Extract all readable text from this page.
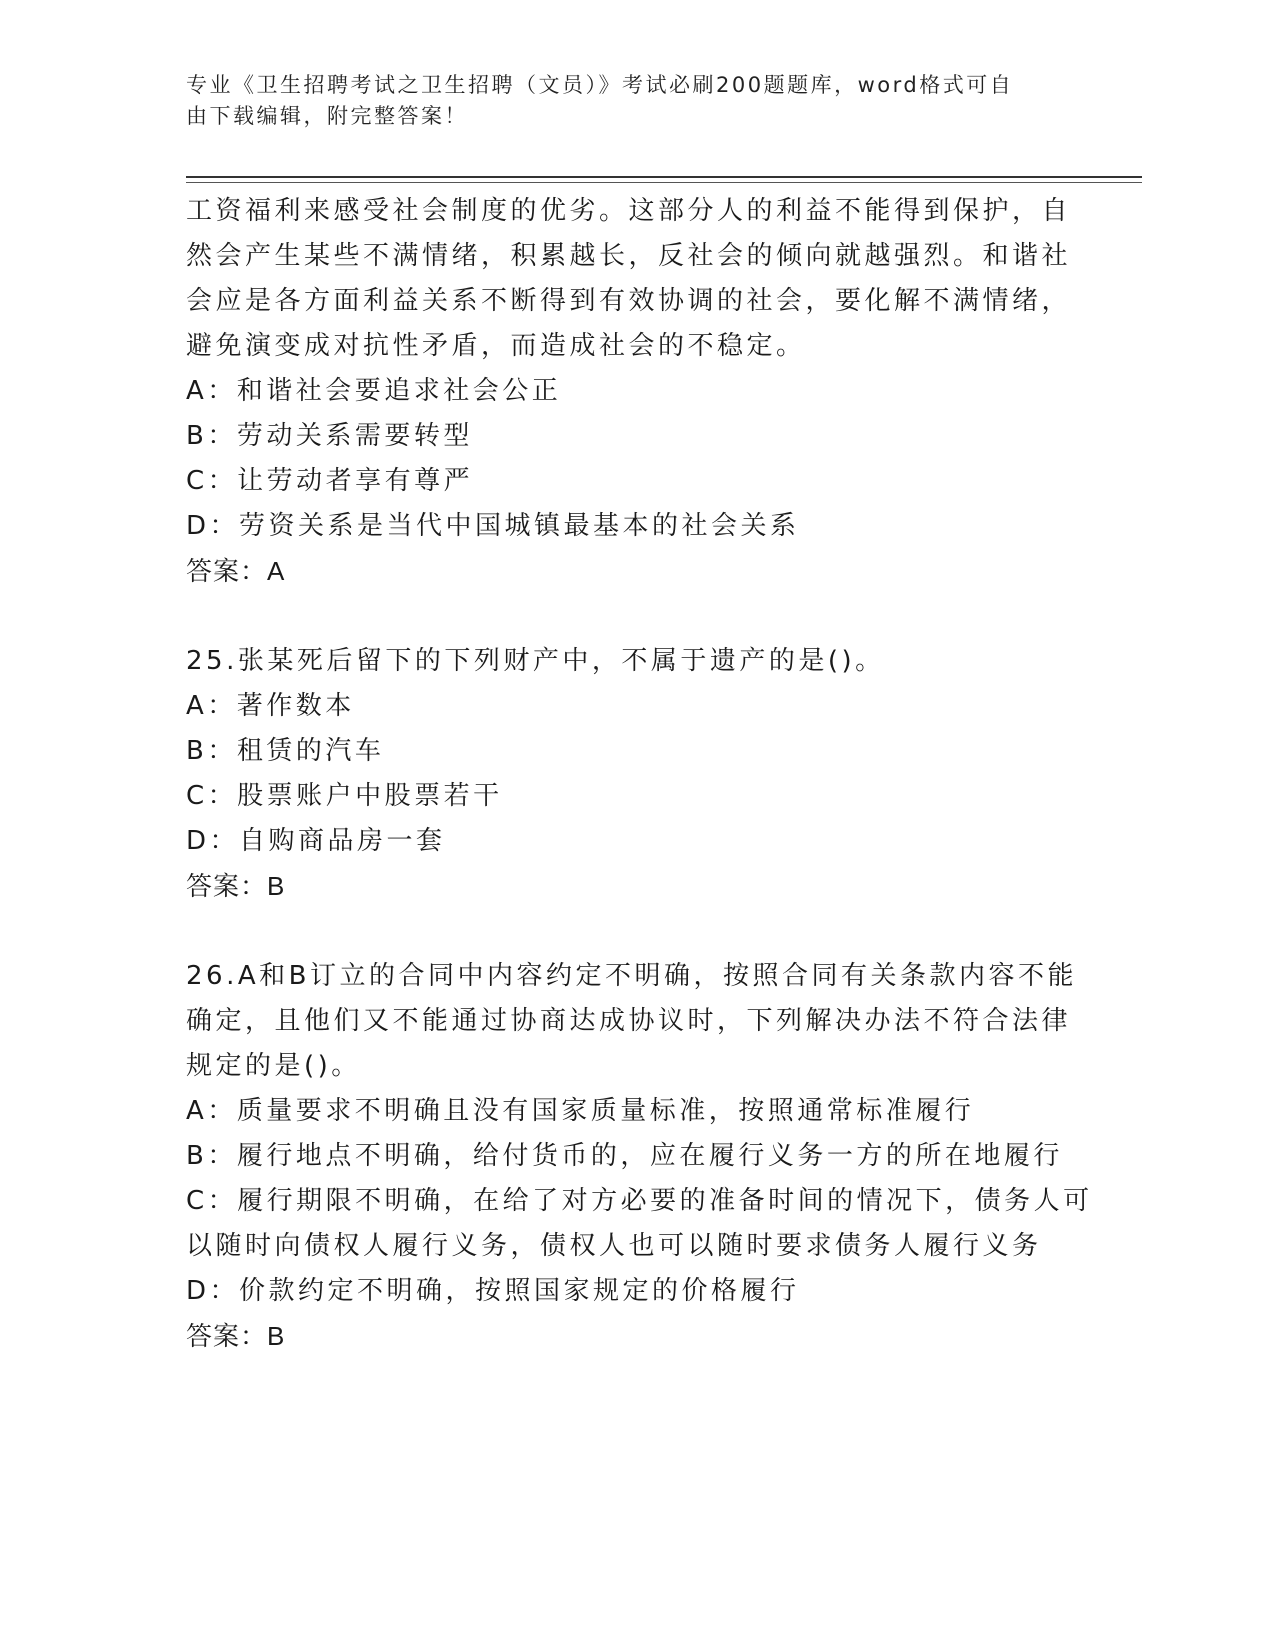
专业《卫生招聘考试之卫生招聘（文员）》考试必刷200题题库，word格式可自
由下载编辑，附完整答案！
工资福利来感受社会制度的优劣。这部分人的利益不能得到保护，自
然会产生某些不满情绪，积累越长，反社会的倾向就越强烈。和谐社
会应是各方面利益关系不断得到有效协调的社会，要化解不满情绪，
避免演变成对抗性矛盾，而造成社会的不稳定。
A：和谐社会要追求社会公正
B：劳动关系需要转型
C：让劳动者享有尊严
D：劳资关系是当代中国城镇最基本的社会关系
答案：A
25.张某死后留下的下列财产中，不属于遗产的是()。
A：著作数本
B：租赁的汽车
C：股票账户中股票若干
D：自购商品房一套
答案：B
26.A和B订立的合同中内容约定不明确，按照合同有关条款内容不能
确定，且他们又不能通过协商达成协议时，下列解决办法不符合法律
规定的是()。
A：质量要求不明确且没有国家质量标准，按照通常标准履行
B：履行地点不明确，给付货币的，应在履行义务一方的所在地履行
C：履行期限不明确，在给了对方必要的准备时间的情况下，债务人可
以随时向债权人履行义务，债权人也可以随时要求债务人履行义务
D：价款约定不明确，按照国家规定的价格履行
答案：B
